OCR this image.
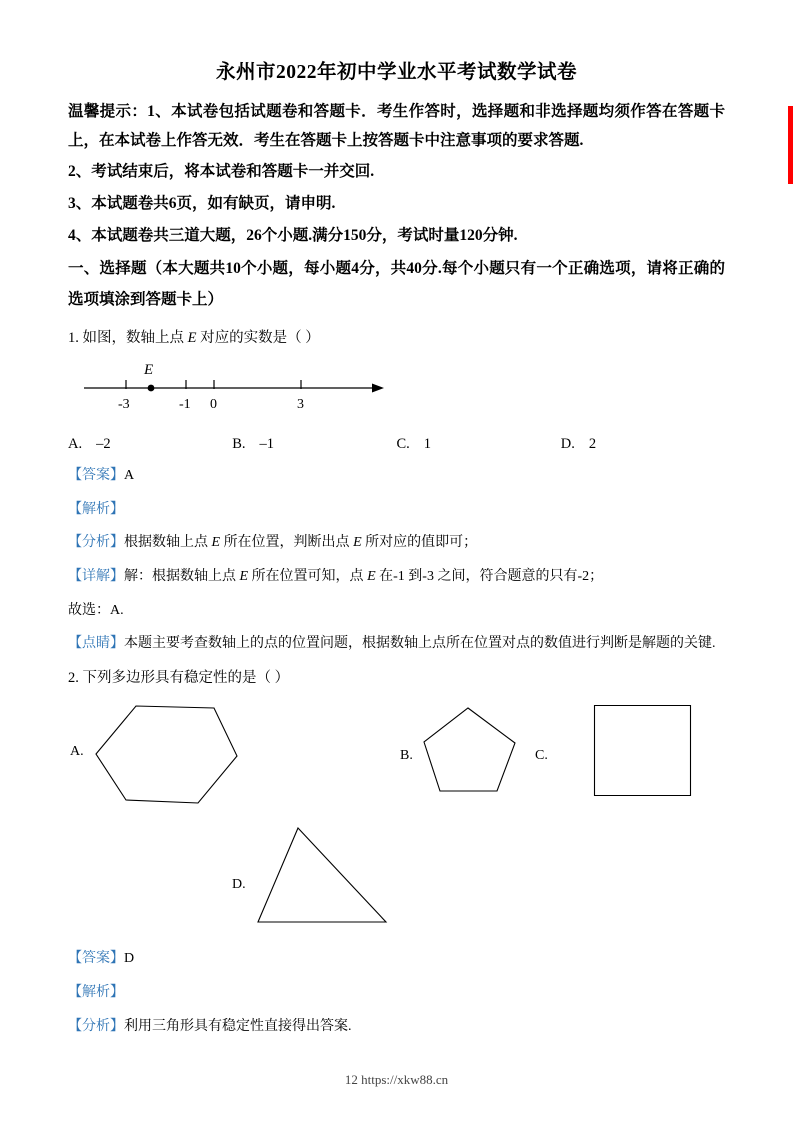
永州市2022年初中学业水平考试数学试卷

温馨提示：1、本试卷包括试题卷和答题卡．考生作答时，选择题和非选择题均须作答在答题卡上，在本试卷上作答无效．考生在答题卡上按答题卡中注意事项的要求答题.

2、考试结束后，将本试卷和答题卡一并交回.

3、本试题卷共6页，如有缺页，请申明.

4、本试题卷共三道大题，26个小题.满分150分，考试时量120分钟.

一、选择题（本大题共10个小题，每小题4分，共40分.每个小题只有一个正确选项，请将正确的选项填涂到答题卡上）

1. 如图，数轴上点 E 对应的实数是（ ）

E
-3	-1 0	3
A. –2	B. –1	C. 1	D. 2

【答案】A

【解析】

【分析】根据数轴上点 E 所在位置，判断出点 E 所对应的值即可；

【详解】解：根据数轴上点 E 所在位置可知，点 E 在-1 到-3 之间，符合题意的只有-2；

故选：A.

【点睛】本题主要考查数轴上的点的位置问题，根据数轴上点所在位置对点的数值进行判断是解题的关键.

2. 下列多边形具有稳定性的是（ ）

A.	B.	C.
D.

【答案】D

【解析】

【分析】利用三角形具有稳定性直接得出答案.

12 https://xkw88.cn
